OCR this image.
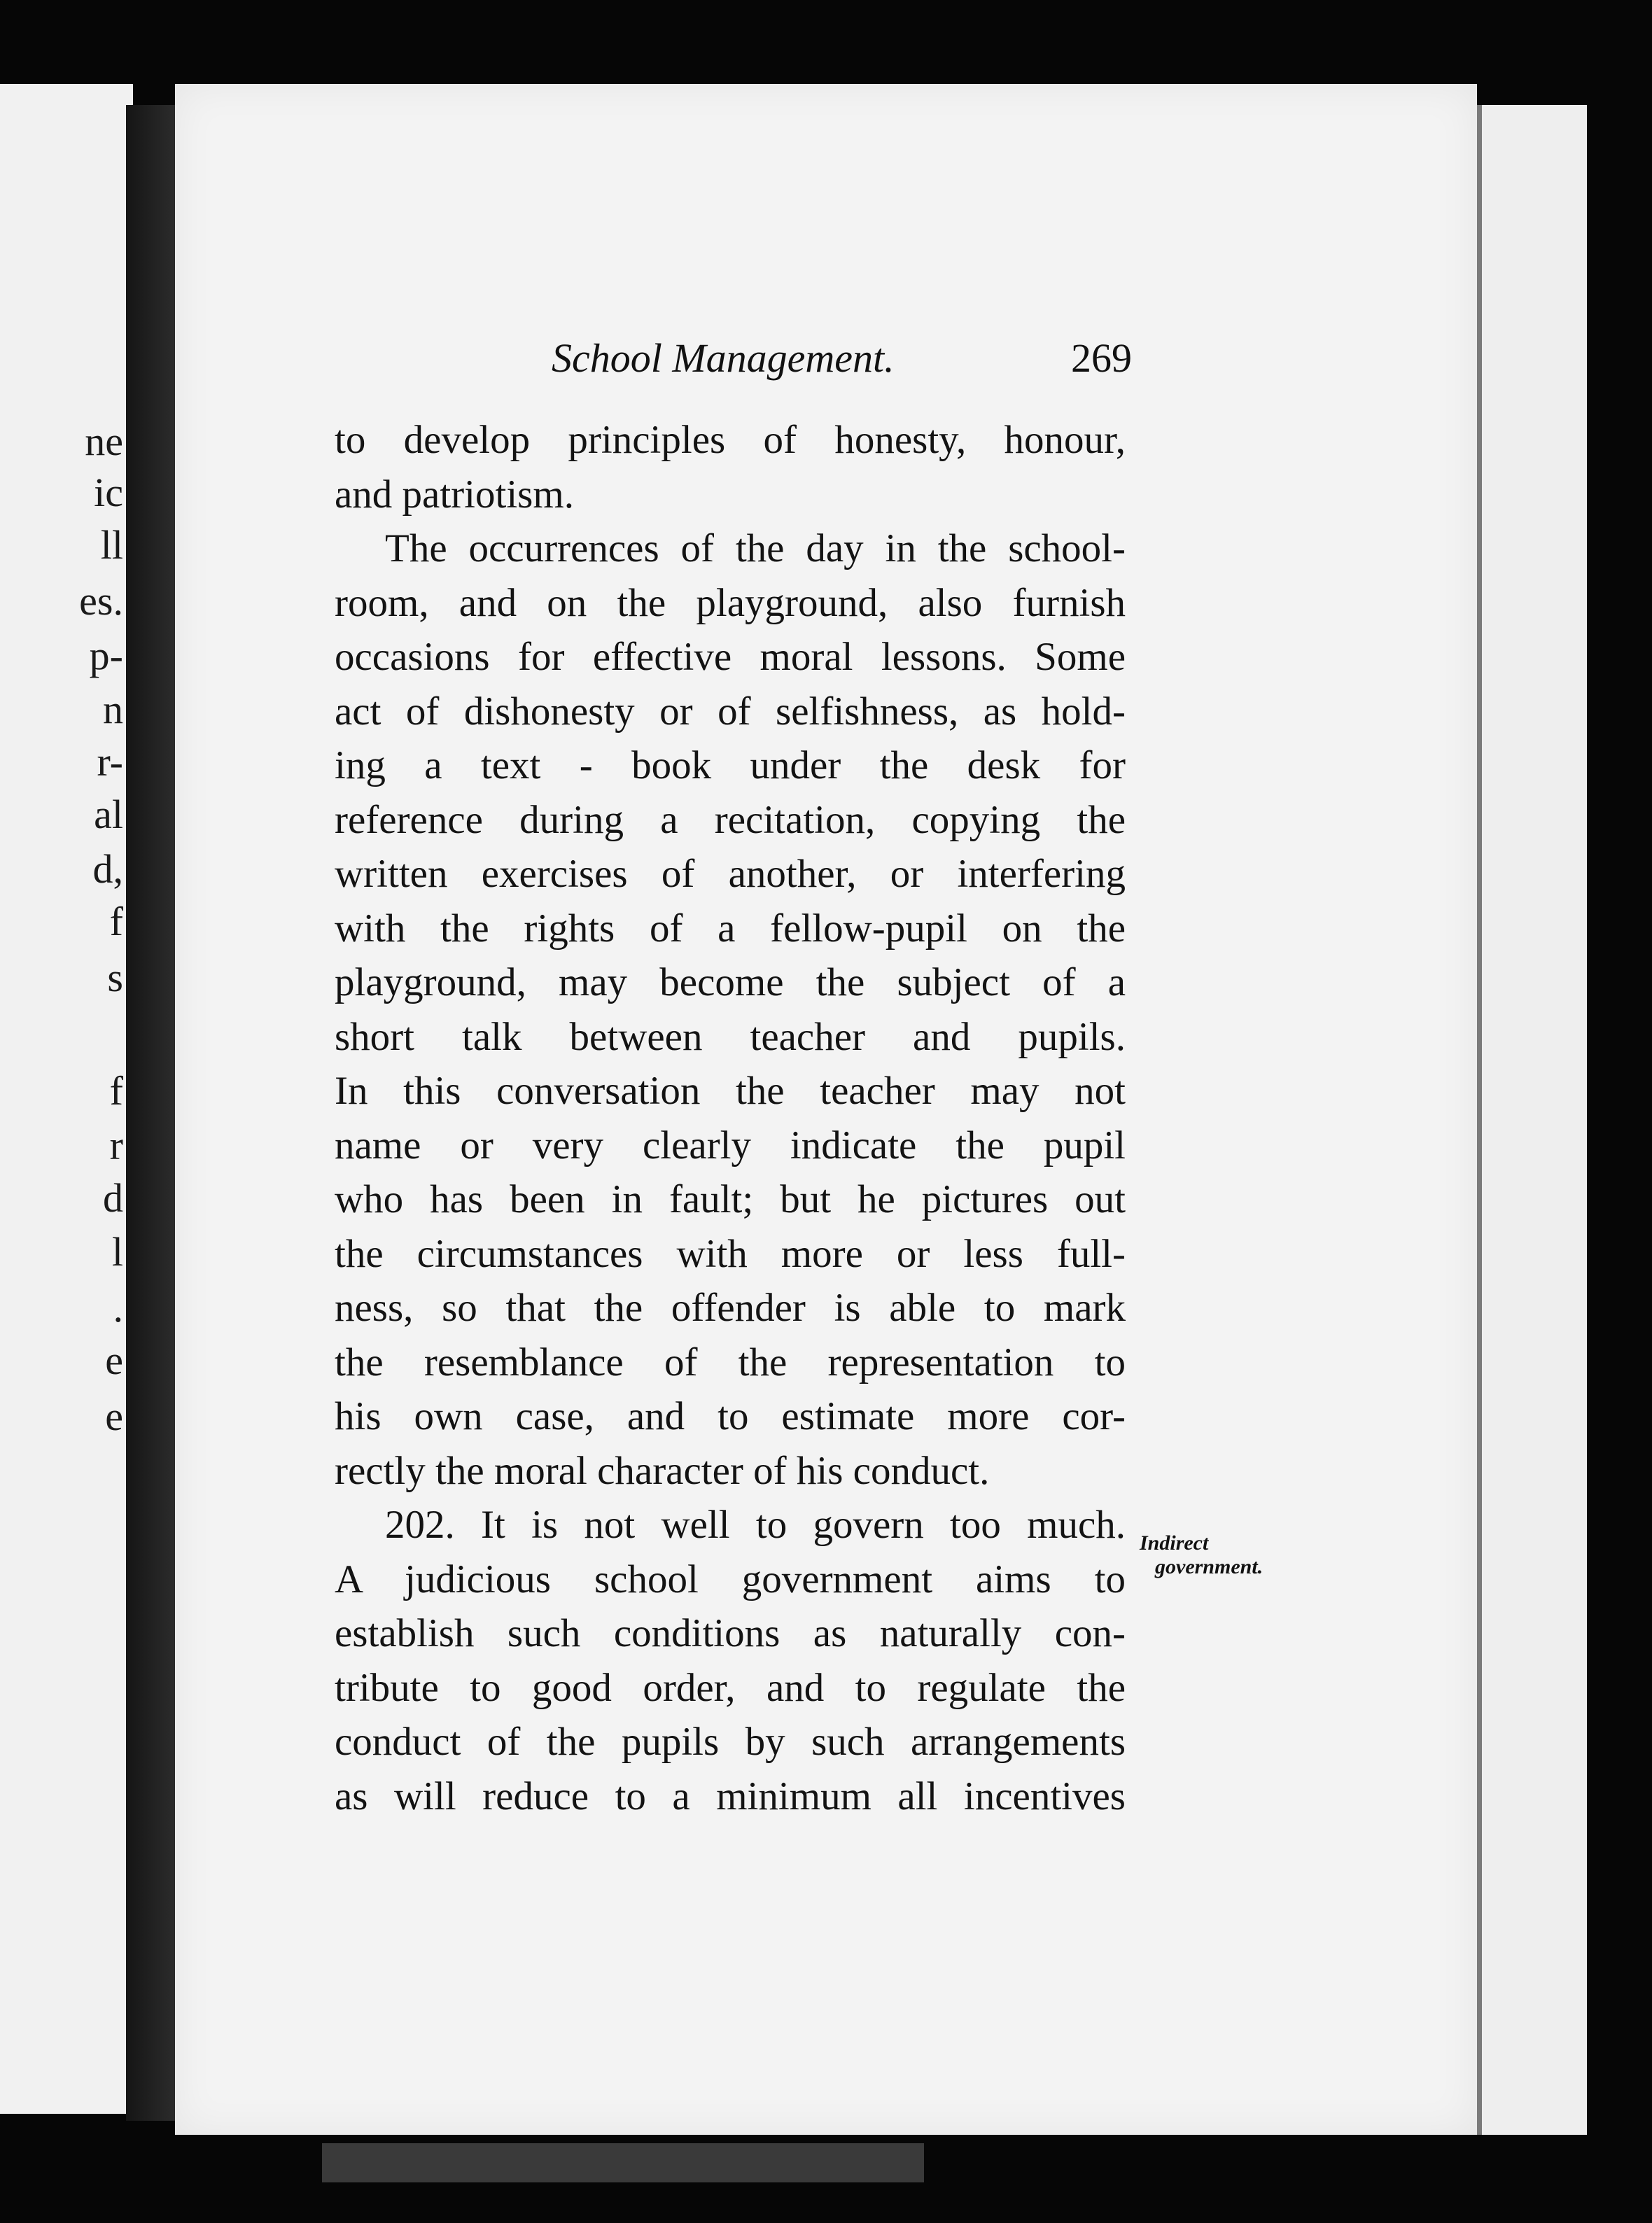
ne
ic
ll
es.
p-
n
r-
al
d,
f
s
f
r
d
l
.
e
e
School Management.	269
to develop principles of honesty, honour,
and patriotism.
The occurrences of the day in the school-
room, and on the playground, also furnish
occasions for effective moral lessons. Some
act of dishonesty or of selfishness, as hold-
ing a text - book under the desk for
reference during a recitation, copying the
written exercises of another, or interfering
with the rights of a fellow-pupil on the
playground, may become the subject of a
short talk between teacher and pupils.
In this conversation the teacher may not
name or very clearly indicate the pupil
who has been in fault; but he pictures out
the circumstances with more or less full-
ness, so that the offender is able to mark
the resemblance of the representation to
his own case, and to estimate more cor-
rectly the moral character of his conduct.
202. It is not well to govern too much.
A judicious school government aims to
establish such conditions as naturally con-
tribute to good order, and to regulate the
conduct of the pupils by such arrangements
as will reduce to a minimum all incentives
Indirect
government.
